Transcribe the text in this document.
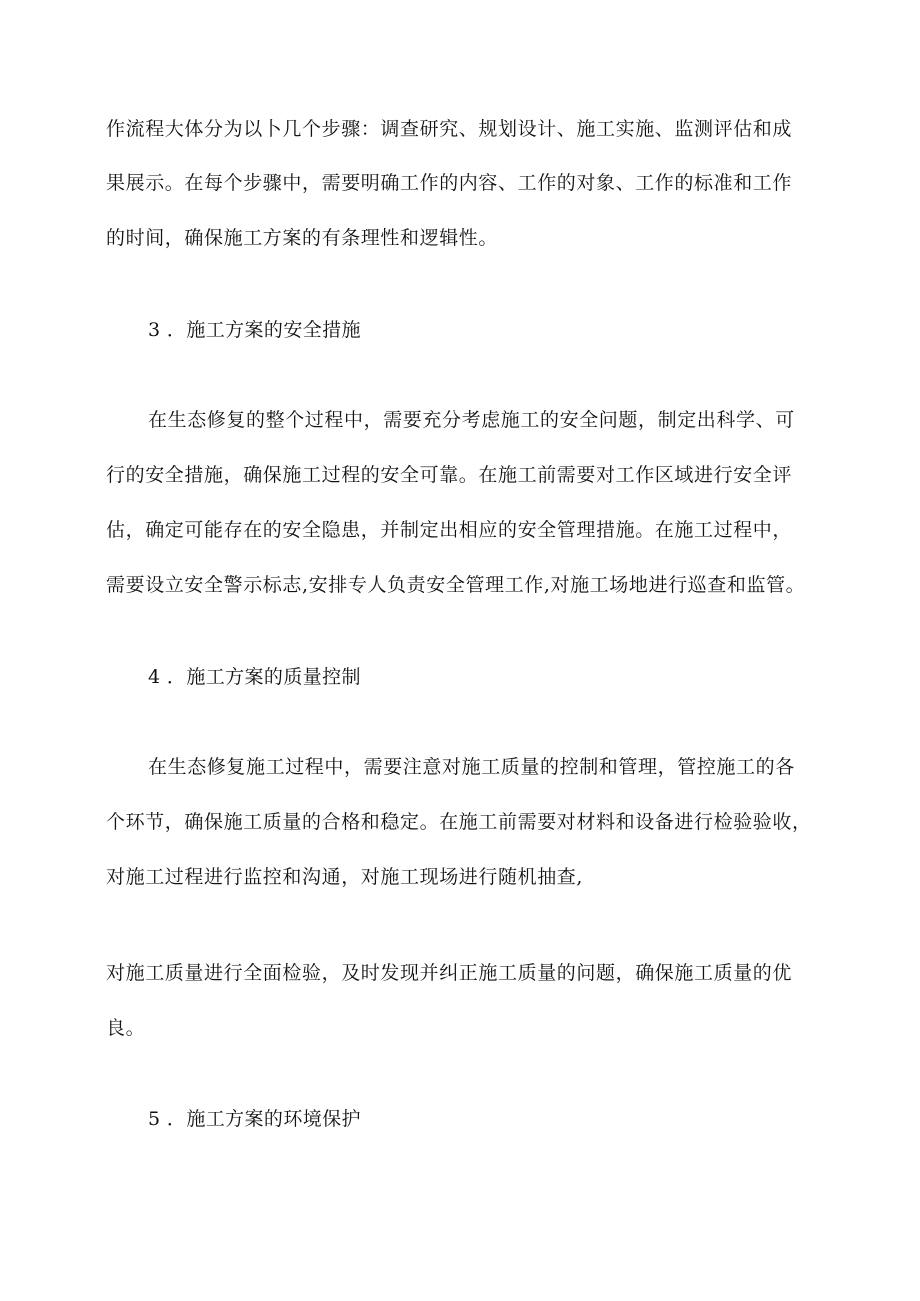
作流程大体分为以卜几个步骤：调查研究、规划设计、施工实施、监测评估和成
果展示。在每个步骤中，需要明确工作的内容、工作的对象、工作的标准和工作
的时间，确保施工方案的有条理性和逻辑性。
3 ．施工方案的安全措施
在生态修复的整个过程中，需要充分考虑施工的安全问题，制定出科学、可
行的安全措施，确保施工过程的安全可靠。在施工前需要对工作区域进行安全评
估，确定可能存在的安全隐患，并制定出相应的安全管理措施。在施工过程中，
需要设立安全警示标志,安排专人负责安全管理工作,对施工场地进行巡查和监管。
4 ．施工方案的质量控制
在生态修复施工过程中，需要注意对施工质量的控制和管理，管控施工的各
个环节，确保施工质量的合格和稳定。在施工前需要对材料和设备进行检验验收，
对施工过程进行监控和沟通，对施工现场进行随机抽查,
对施工质量进行全面检验，及时发现并纠正施工质量的问题，确保施工质量的优
良。
5 ．施工方案的环境保护
